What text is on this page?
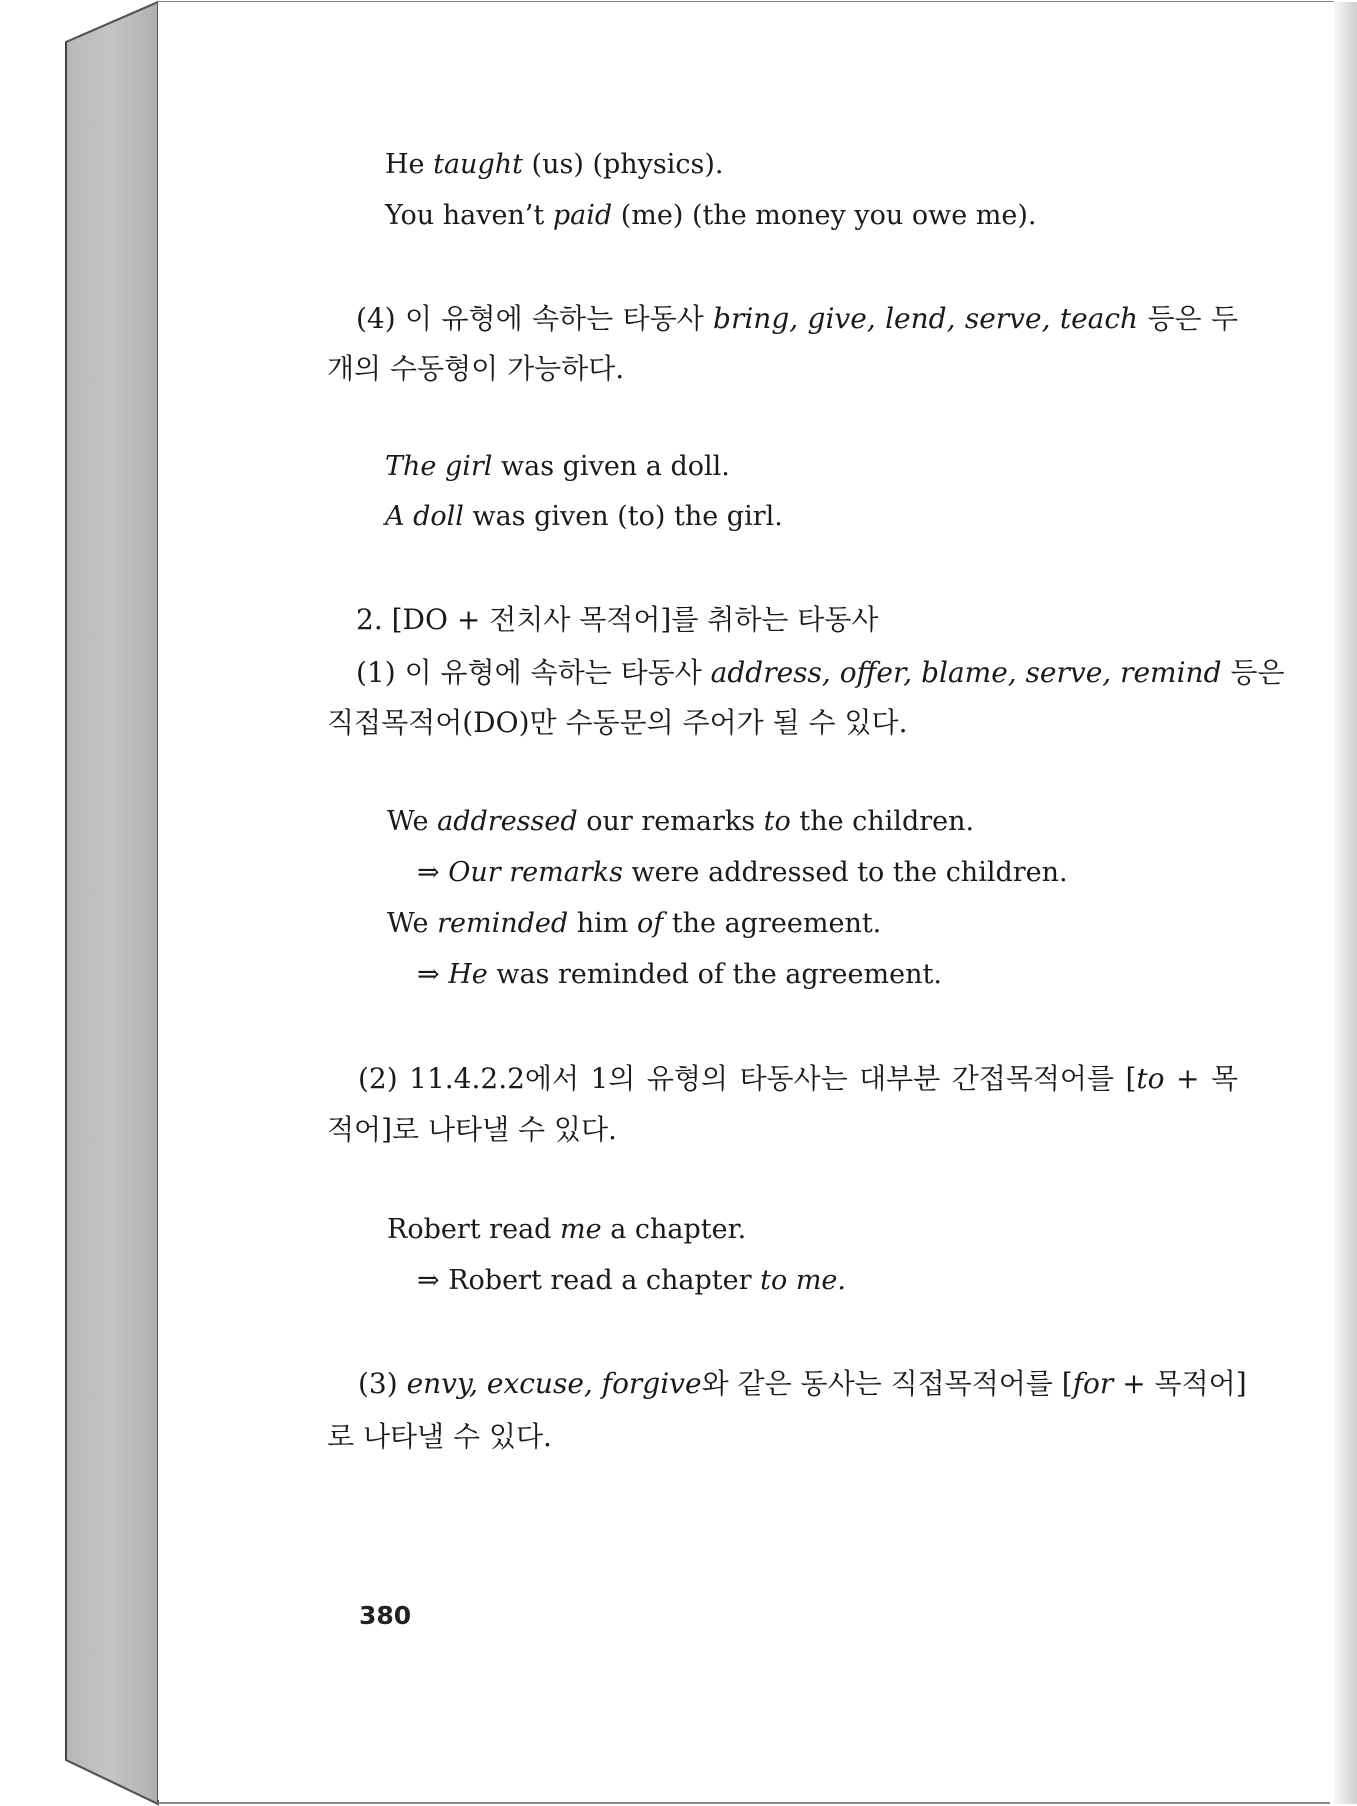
He taught (us) (physics).
You haven’t paid (me) (the money you owe me).
(4) 이 유형에 속하는 타동사 bring, give, lend, serve, teach 등은 두
개의 수동형이 가능하다.
The girl was given a doll.
A doll was given (to) the girl.
2. [DO + 전치사 목적어]를 취하는 타동사
(1) 이 유형에 속하는 타동사 address, offer, blame, serve, remind 등은
직접목적어(DO)만 수동문의 주어가 될 수 있다.
We addressed our remarks to the children.
⇒ Our remarks were addressed to the children.
We reminded him of the agreement.
⇒ He was reminded of the agreement.
(2) 11.4.2.2에서 1의 유형의 타동사는 대부분 간접목적어를 [to + 목
적어]로 나타낼 수 있다.
Robert read me a chapter.
⇒ Robert read a chapter to me.
(3) envy, excuse, forgive와 같은 동사는 직접목적어를 [for + 목적어]
로 나타낼 수 있다.
380
